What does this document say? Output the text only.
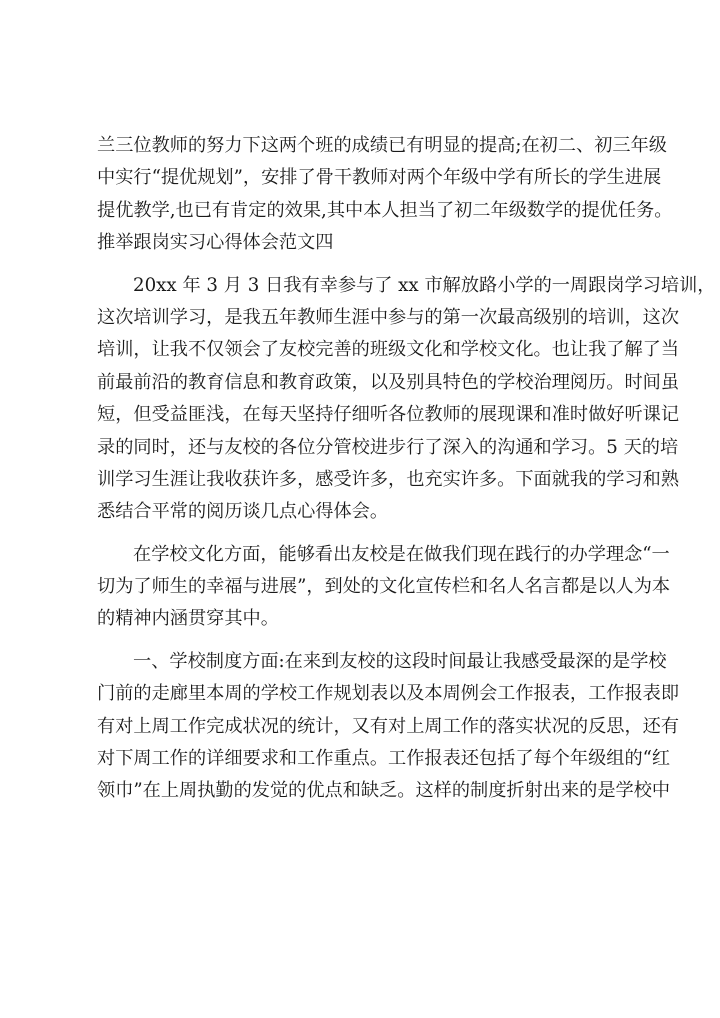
兰三位教师的努力下这两个班的成绩已有明显的提高;在初二、初三年级
中实行“提优规划”，安排了骨干教师对两个年级中学有所长的学生进展
提优教学,也已有肯定的效果,其中本人担当了初二年级数学的提优任务。
推举跟岗实习心得体会范文四
20xx 年 3 月 3 日我有幸参与了 xx 市解放路小学的一周跟岗学习培训，
这次培训学习，是我五年教师生涯中参与的第一次最高级别的培训，这次
培训，让我不仅领会了友校完善的班级文化和学校文化。也让我了解了当
前最前沿的教育信息和教育政策，以及别具特色的学校治理阅历。时间虽
短，但受益匪浅，在每天坚持仔细听各位教师的展现课和准时做好听课记
录的同时，还与友校的各位分管校进步行了深入的沟通和学习。5 天的培
训学习生涯让我收获许多，感受许多，也充实许多。下面就我的学习和熟
悉结合平常的阅历谈几点心得体会。
在学校文化方面，能够看出友校是在做我们现在践行的办学理念“一
切为了师生的幸福与进展”，到处的文化宣传栏和名人名言都是以人为本
的精神内涵贯穿其中。
一、学校制度方面:在来到友校的这段时间最让我感受最深的是学校
门前的走廊里本周的学校工作规划表以及本周例会工作报表，工作报表即
有对上周工作完成状况的统计，又有对上周工作的落实状况的反思，还有
对下周工作的详细要求和工作重点。工作报表还包括了每个年级组的“红
领巾”在上周执勤的发觉的优点和缺乏。这样的制度折射出来的是学校中
